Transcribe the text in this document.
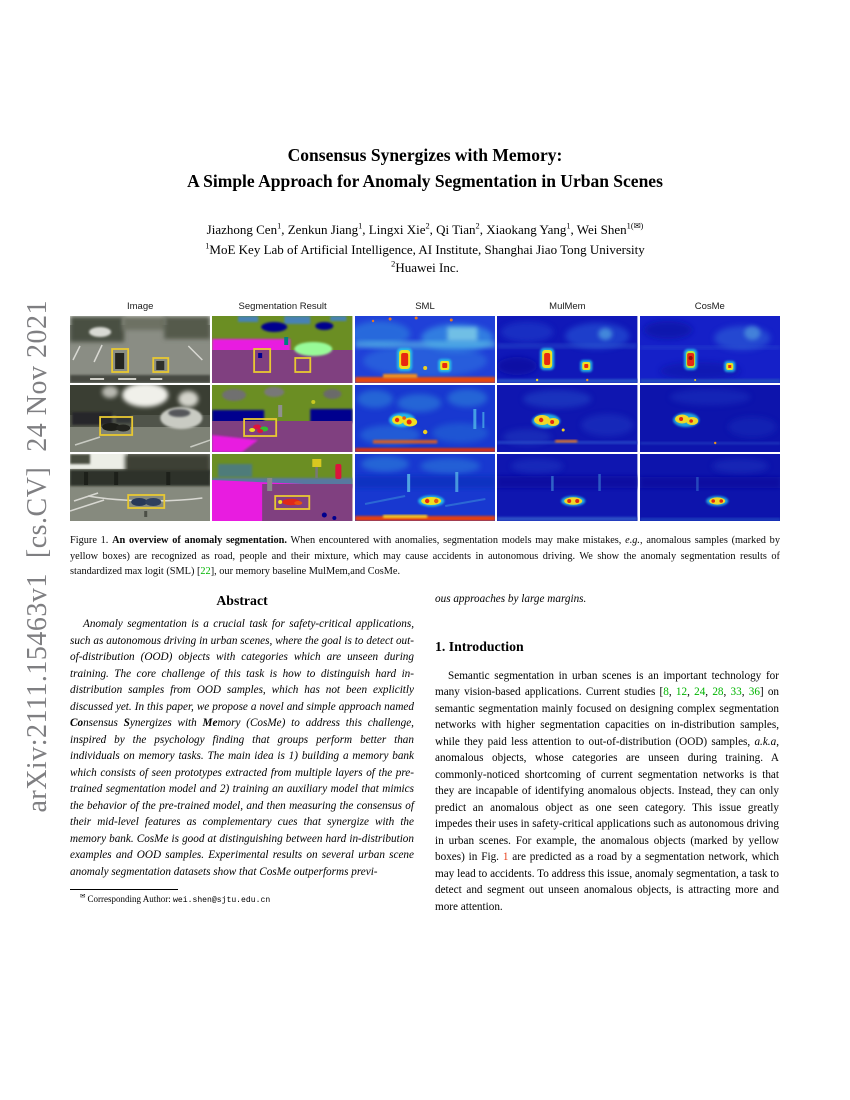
arXiv:2111.15463v1  [cs.CV]  24 Nov 2021
Consensus Synergizes with Memory:
A Simple Approach for Anomaly Segmentation in Urban Scenes
Jiazhong Cen$^1$, Zenkun Jiang$^1$, Lingxi Xie$^2$, Qi Tian$^2$, Xiaokang Yang$^1$, Wei Shen$^{1(✉)}$
$^1$MoE Key Lab of Artificial Intelligence, AI Institute, Shanghai Jiao Tong University
$^2$Huawei Inc.
Image	Segmentation Result	SML	MulMem	CosMe
Figure 1. An overview of anomaly segmentation. When encountered with anomalies, segmentation models may make mistakes, e.g., anomalous samples (marked by yellow boxes) are recognized as road, people and their mixture, which may cause accidents in autonomous driving. We show the anomaly segmentation results of standardized max logit (SML) [22], our memory baseline MulMem,and CosMe.
Abstract
Anomaly segmentation is a crucial task for safety-critical applications, such as autonomous driving in urban scenes, where the goal is to detect out-of-distribution (OOD) objects with categories which are unseen during training. The core challenge of this task is how to distinguish hard in-distribution samples from OOD samples, which has not been explicitly discussed yet. In this paper, we propose a novel and simple approach named Consensus Synergizes with Memory (CosMe) to address this challenge, inspired by the psychology finding that groups perform better than individuals on memory tasks. The main idea is 1) building a memory bank which consists of seen prototypes extracted from multiple layers of the pre-trained segmentation model and 2) training an auxiliary model that mimics the behavior of the pre-trained model, and then measuring the consensus of their mid-level features as complementary cues that synergize with the memory bank. CosMe is good at distinguishing between hard in-distribution examples and OOD samples. Experimental results on several urban scene anomaly segmentation datasets show that CosMe outperforms previ-
✉ Corresponding Author: wei.shen@sjtu.edu.cn
ous approaches by large margins.
1. Introduction
Semantic segmentation in urban scenes is an important technology for many vision-based applications. Current studies [8, 12, 24, 28, 33, 36] on semantic segmentation mainly focused on designing complex segmentation networks with higher segmentation capacities on in-distribution samples, while they paid less attention to out-of-distribution (OOD) samples, a.k.a, anomalous objects, whose categories are unseen during training. A commonly-noticed shortcoming of current segmentation networks is that they are incapable of identifying anomalous objects. Instead, they can only predict an anomalous object as one seen category. This issue greatly impedes their uses in safety-critical applications such as autonomous driving in urban scenes. For example, the anomalous objects (marked by yellow boxes) in Fig. 1 are predicted as a road by a segmentation network, which may lead to accidents. To address this issue, anomaly segmentation, a task to detect and segment out unseen anomalous objects, is attracting more and more attention.
